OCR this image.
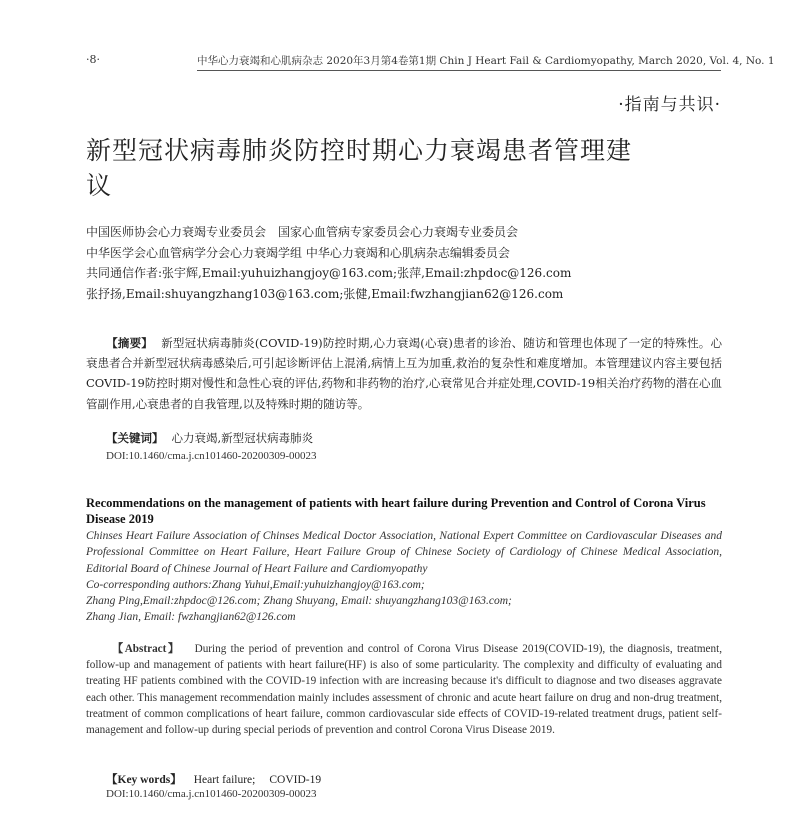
·8·	中华心力衰竭和心肌病杂志 2020年3月第4卷第1期 Chin J Heart Fail & Cardiomyopathy, March 2020, Vol. 4, No. 1
·指南与共识·
新型冠状病毒肺炎防控时期心力衰竭患者管理建议
中国医师协会心力衰竭专业委员会　国家心血管病专家委员会心力衰竭专业委员会
中华医学会心血管病学分会心力衰竭学组 中华心力衰竭和心肌病杂志编辑委员会
共同通信作者:张宇辉,Email:yuhuizhangjoy@163.com;张萍,Email:zhpdoc@126.com
张抒扬,Email:shuyangzhang103@163.com;张健,Email:fwzhangjian62@126.com
【摘要】 新型冠状病毒肺炎(COVID-19)防控时期,心力衰竭(心衰)患者的诊治、随访和管理也体现了一定的特殊性。心衰患者合并新型冠状病毒感染后,可引起诊断评估上混淆,病情上互为加重,救治的复杂性和难度增加。本管理建议内容主要包括COVID-19防控时期对慢性和急性心衰的评估,药物和非药物的治疗,心衰常见合并症处理,COVID-19相关治疗药物的潜在心血管副作用,心衰患者的自我管理,以及特殊时期的随访等。
【关键词】 心力衰竭,新型冠状病毒肺炎
DOI:10.1460/cma.j.cn101460-20200309-00023
Recommendations on the management of patients with heart failure during Prevention and Control of Corona Virus Disease 2019
Chinses Heart Failure Association of Chinses Medical Doctor Association, National Expert Committee on Cardiovascular Diseases and Professional Committee on Heart Failure, Heart Failure Group of Chinese Society of Cardiology of Chinese Medical Association, Editorial Board of Chinese Journal of Heart Failure and Cardiomyopathy
Co-corresponding authors:Zhang Yuhui,Email:yuhuizhangjoy@163.com;
Zhang Ping,Email:zhpdoc@126.com; Zhang Shuyang, Email: shuyangzhang103@163.com;
Zhang Jian, Email: fwzhangjian62@126.com
【Abstract】 During the period of prevention and control of Corona Virus Disease 2019(COVID-19), the diagnosis, treatment, follow-up and management of patients with heart failure(HF) is also of some particularity. The complexity and difficulty of evaluating and treating HF patients combined with the COVID-19 infection with are increasing because it's difficult to diagnose and two diseases aggravate each other. This management recommendation mainly includes assessment of chronic and acute heart failure on drug and non-drug treatment, treatment of common complications of heart failure, common cardiovascular side effects of COVID-19-related treatment drugs, patient self-management and follow-up during special periods of prevention and control Corona Virus Disease 2019.
【Key words】 Heart failure; COVID-19
DOI:10.1460/cma.j.cn101460-20200309-00023
